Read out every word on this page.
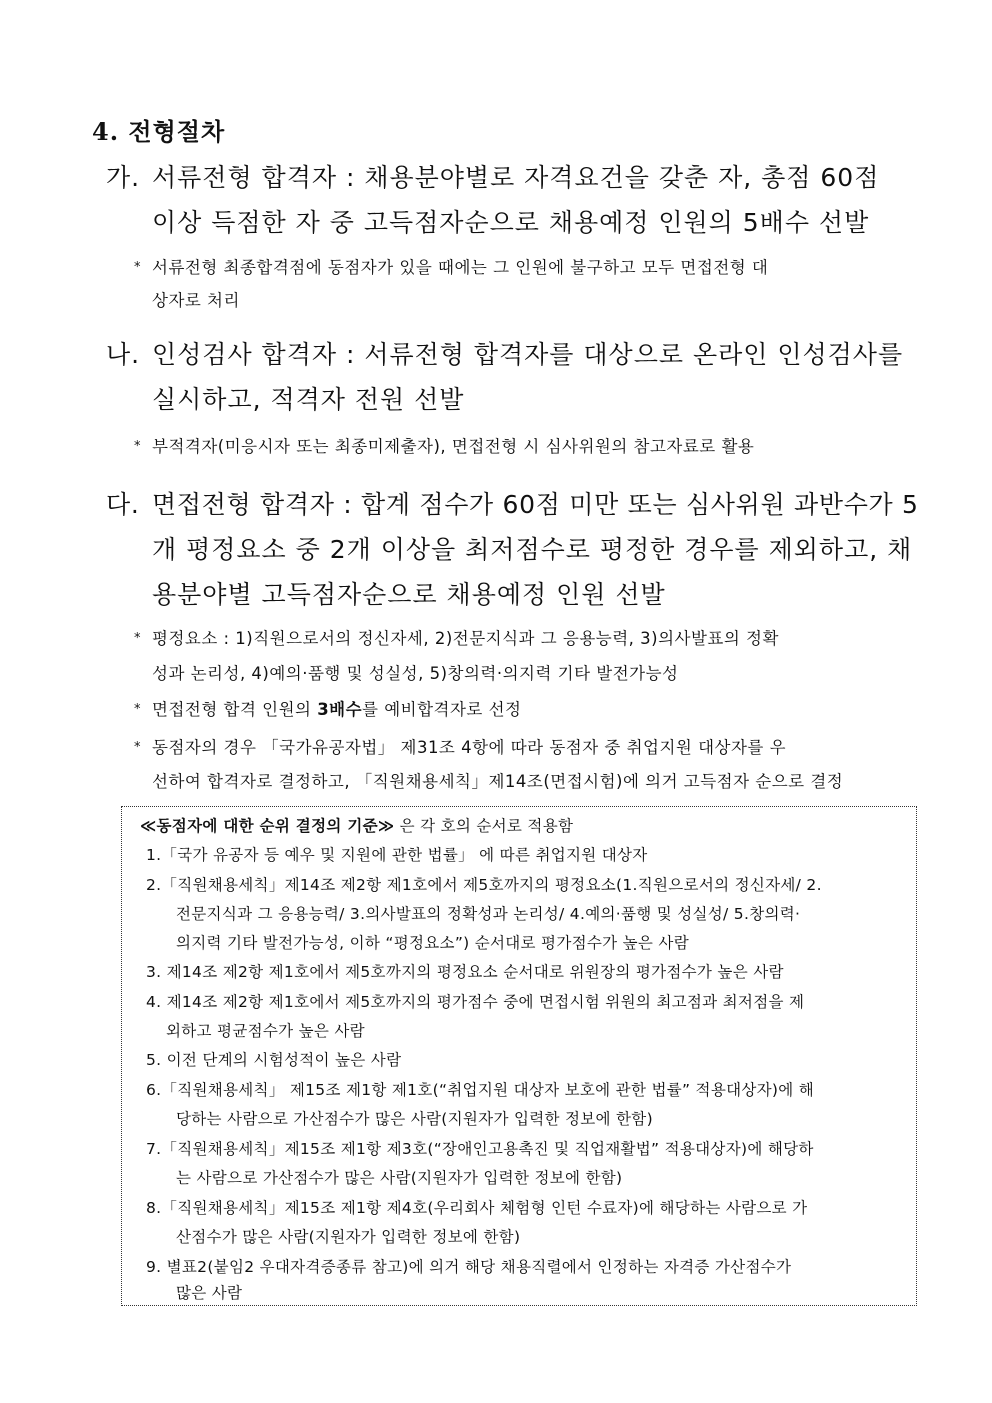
4. 전형절차
가. 서류전형 합격자 : 채용분야별로 자격요건을 갖춘 자, 총점 60점
이상 득점한 자 중 고득점자순으로 채용예정 인원의 5배수 선발
* 서류전형 최종합격점에 동점자가 있을 때에는 그 인원에 불구하고 모두 면접전형 대
상자로 처리
나. 인성검사 합격자 : 서류전형 합격자를 대상으로 온라인 인성검사를
실시하고, 적격자 전원 선발
* 부적격자(미응시자 또는 최종미제출자), 면접전형 시 심사위원의 참고자료로 활용
다. 면접전형 합격자 : 합계 점수가 60점 미만 또는 심사위원 과반수가 5
개 평정요소 중 2개 이상을 최저점수로 평정한 경우를 제외하고, 채
용분야별 고득점자순으로 채용예정 인원 선발
* 평정요소 : 1)직원으로서의 정신자세, 2)전문지식과 그 응용능력, 3)의사발표의 정확
성과 논리성, 4)예의·품행 및 성실성, 5)창의력·의지력 기타 발전가능성
* 면접전형 합격 인원의 3배수를 예비합격자로 선정
* 동점자의 경우 「국가유공자법」 제31조 4항에 따라 동점자 중 취업지원 대상자를 우
선하여 합격자로 결정하고, 「직원채용세칙」제14조(면접시험)에 의거 고득점자 순으로 결정
≪동점자에 대한 순위 결정의 기준≫ 은 각 호의 순서로 적용함
1.「국가 유공자 등 예우 및 지원에 관한 법률」 에 따른 취업지원 대상자
2.「직원채용세칙」제14조 제2항 제1호에서 제5호까지의 평정요소(1.직원으로서의 정신자세/ 2.
전문지식과 그 응용능력/ 3.의사발표의 정확성과 논리성/ 4.예의·품행 및 성실성/ 5.창의력·
의지력 기타 발전가능성, 이하 “평정요소”) 순서대로 평가점수가 높은 사람
3. 제14조 제2항 제1호에서 제5호까지의 평정요소 순서대로 위원장의 평가점수가 높은 사람
4. 제14조 제2항 제1호에서 제5호까지의 평가점수 중에 면접시험 위원의 최고점과 최저점을 제
외하고 평균점수가 높은 사람
5. 이전 단계의 시험성적이 높은 사람
6.「직원채용세칙」 제15조 제1항 제1호(“취업지원 대상자 보호에 관한 법률” 적용대상자)에 해
당하는 사람으로 가산점수가 많은 사람(지원자가 입력한 정보에 한함)
7.「직원채용세칙」제15조 제1항 제3호(“장애인고용촉진 및 직업재활법” 적용대상자)에 해당하
는 사람으로 가산점수가 많은 사람(지원자가 입력한 정보에 한함)
8.「직원채용세칙」제15조 제1항 제4호(우리회사 체험형 인턴 수료자)에 해당하는 사람으로 가
산점수가 많은 사람(지원자가 입력한 정보에 한함)
9. 별표2(붙임2 우대자격증종류 참고)에 의거 해당 채용직렬에서 인정하는 자격증 가산점수가
많은 사람
